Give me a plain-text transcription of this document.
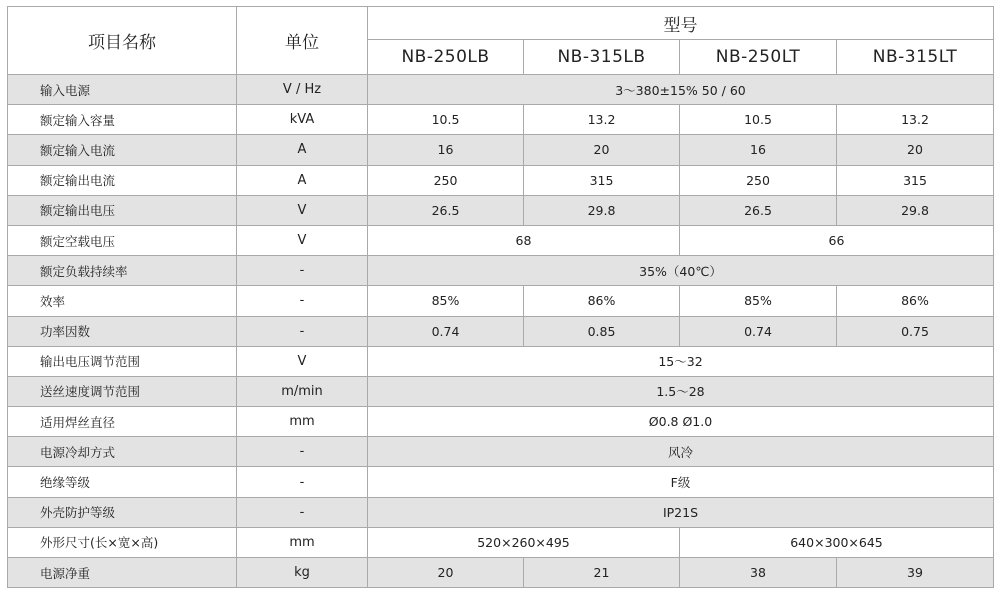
项目名称	单位	型号			
		NB-250LB	NB-315LB	NB-250LT	NB-315LT
输入电源	V / Hz	3～380±15% 50 / 60			
额定输入容量	kVA	10.5	13.2	10.5	13.2
额定输入电流	A	16	20	16	20
额定输出电流	A	250	315	250	315
额定输出电压	V	26.5	29.8	26.5	29.8
额定空载电压	V	68		66	
额定负载持续率	-	35%（40℃）			
效率	-	85%	86%	85%	86%
功率因数	-	0.74	0.85	0.74	0.75
输出电压调节范围	V	15～32			
送丝速度调节范围	m/min	1.5～28			
适用焊丝直径	mm	Ø0.8 Ø1.0			
电源冷却方式	-	风冷			
绝缘等级	-	F级			
外壳防护等级	-	IP21S			
外形尺寸(长×宽×高)	mm	520×260×495		640×300×645	
电源净重	kg	20	21	38	39
